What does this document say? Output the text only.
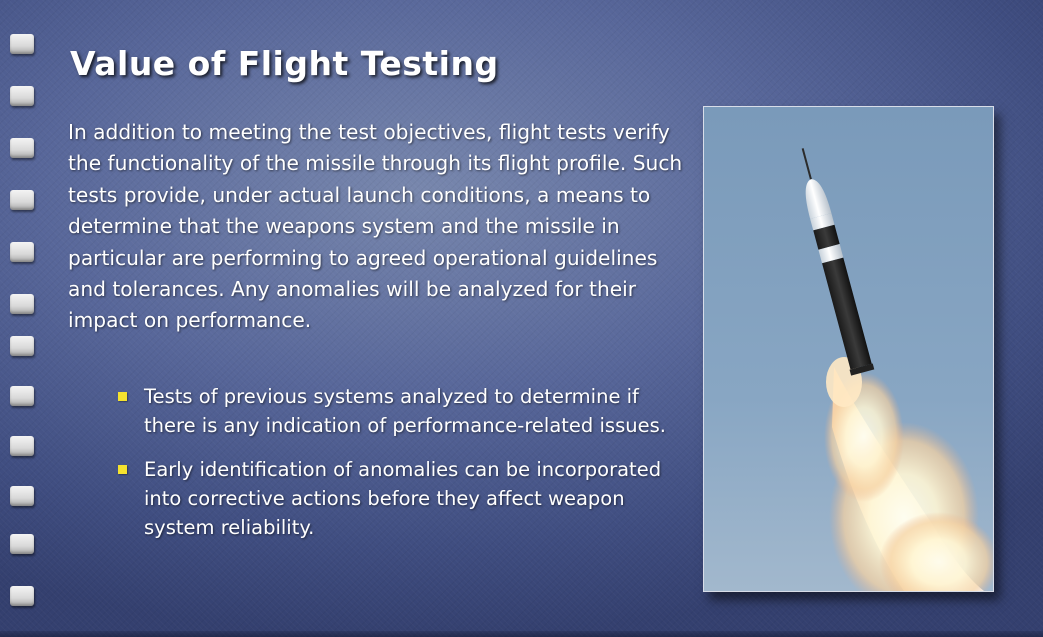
Value of Flight Testing

In addition to meeting the test objectives, flight tests verify the functionality of the missile through its flight profile. Such tests provide, under actual launch conditions, a means to determine that the weapons system and the missile in particular are performing to agreed operational guidelines and tolerances. Any anomalies will be analyzed for their impact on performance.

Tests of previous systems analyzed to determine if there is any indication of performance-related issues.
Early identification of anomalies can be incorporated into corrective actions before they affect weapon system reliability.
